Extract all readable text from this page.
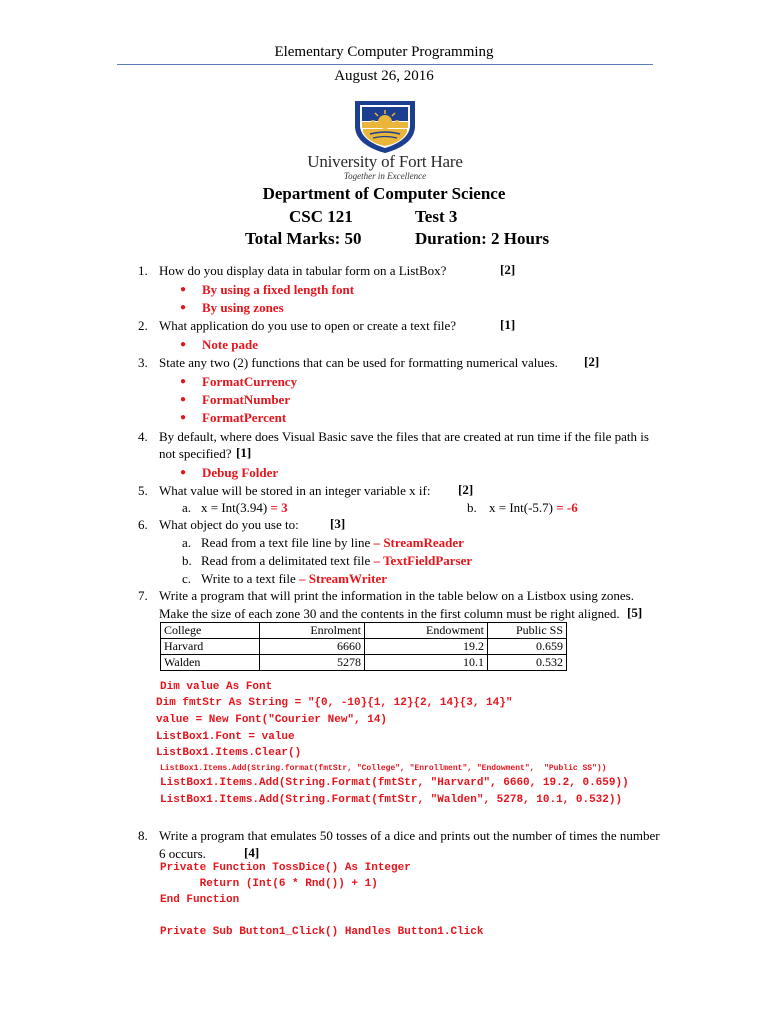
Elementary Computer Programming
August 26, 2016
University of Fort Hare
Together in Excellence
Department of Computer Science
CSC 121	Test 3
Total Marks: 50	Duration: 2 Hours
1. How do you display data in tabular form on a ListBox?	[2]
● By using a fixed length font
● By using zones
2. What application do you use to open or create a text file?	[1]
● Note pade
3. State any two (2) functions that can be used for formatting numerical values. [2]
● FormatCurrency
● FormatNumber
● FormatPercent
4. By default, where does Visual Basic save the files that are created at run time if the file path is
not specified? [1]
● Debug Folder
5. What value will be stored in an integer variable x if: [2]
a. x = Int(3.94) = 3	b. x = Int(-5.7) = -6
6. What object do you use to: [3]
a. Read from a text file line by line – StreamReader
b. Read from a delimitated text file – TextFieldParser
c. Write to a text file – StreamWriter
7. Write a program that will print the information in the table below on a Listbox using zones.
Make the size of each zone 30 and the contents in the first column must be right aligned. [5]
College	Enrolment	Endowment	Public SS
Harvard	6660	19.2	0.659
Walden	5278	10.1	0.532
Dim value As Font
Dim fmtStr As String = "{0, -10}{1, 12}{2, 14}{3, 14}"
value = New Font("Courier New", 14)
ListBox1.Font = value
ListBox1.Items.Clear()
ListBox1.Items.Add(String.format(fmtStr, "College", "Enrollment", "Endowment",  "Public SS"))
ListBox1.Items.Add(String.Format(fmtStr, "Harvard", 6660, 19.2, 0.659))
ListBox1.Items.Add(String.Format(fmtStr, "Walden", 5278, 10.1, 0.532))
8. Write a program that emulates 50 tosses of a dice and prints out the number of times the number
6 occurs.	[4]
Private Function TossDice() As Integer
Return (Int(6 * Rnd()) + 1)
End Function
Private Sub Button1_Click() Handles Button1.Click
